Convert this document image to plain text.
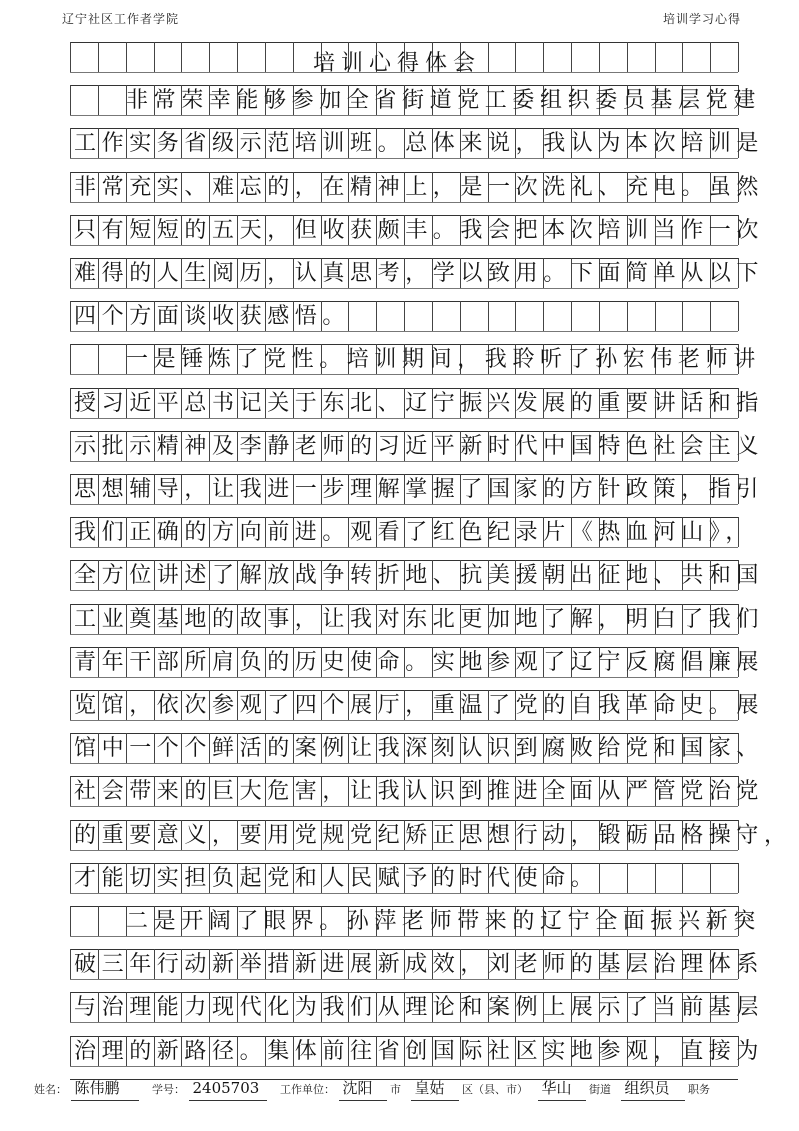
辽宁社区工作者学院	培训学习心得
培训心得体会
非常荣幸能够参加全省街道党工委组织委员基层党建
工作实务省级示范培训班。总体来说，我认为本次培训是
非常充实、难忘的，在精神上，是一次洗礼、充电。虽然
只有短短的五天，但收获颇丰。我会把本次培训当作一次
难得的人生阅历，认真思考，学以致用。下面简单从以下
四个方面谈收获感悟。
一是锤炼了党性。培训期间，我聆听了孙宏伟老师讲
授习近平总书记关于东北、辽宁振兴发展的重要讲话和指
示批示精神及李静老师的习近平新时代中国特色社会主义
思想辅导，让我进一步理解掌握了国家的方针政策，指引
我们正确的方向前进。观看了红色纪录片《热血河山》，
全方位讲述了解放战争转折地、抗美援朝出征地、共和国
工业奠基地的故事，让我对东北更加地了解，明白了我们
青年干部所肩负的历史使命。实地参观了辽宁反腐倡廉展
览馆，依次参观了四个展厅，重温了党的自我革命史。展
馆中一个个鲜活的案例让我深刻认识到腐败给党和国家、
社会带来的巨大危害，让我认识到推进全面从严管党治党
的重要意义，要用党规党纪矫正思想行动，锻砺品格操守，
才能切实担负起党和人民赋予的时代使命。
二是开阔了眼界。孙萍老师带来的辽宁全面振兴新突
破三年行动新举措新进展新成效，刘老师的基层治理体系
与治理能力现代化为我们从理论和案例上展示了当前基层
治理的新路径。集体前往省创国际社区实地参观，直接为
姓名： 陈伟鹏	学号： 2405703 工作单位： 沈阳 市 皇姑 区（县、市） 华山 街道 组织员 职务
